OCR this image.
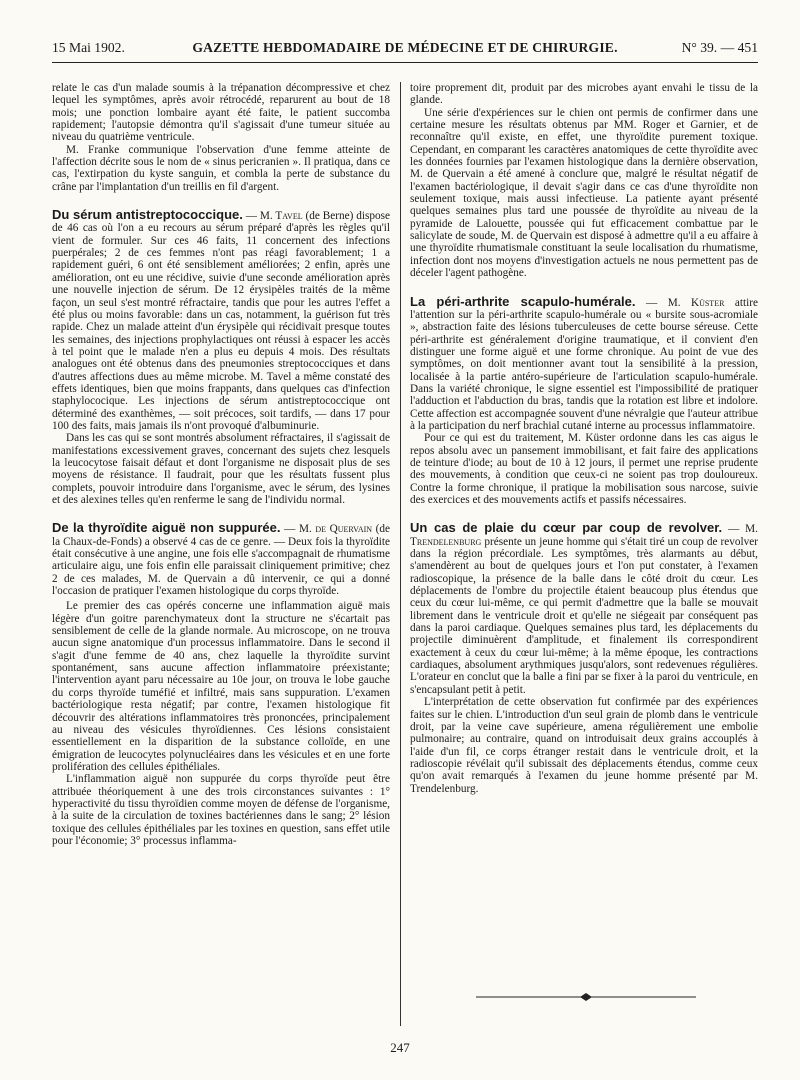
15 Mai 1902.	GAZETTE HEBDOMADAIRE DE MÉDECINE ET DE CHIRURGIE.	N° 39. — 451

relate le cas d'un malade soumis à la trépanation décompressive et chez lequel les symptômes, après avoir rétrocédé, reparurent au bout de 18 mois; une ponction lombaire ayant été faite, le patient succomba rapidement; l'autopsie démontra qu'il s'agissait d'une tumeur située au niveau du quatrième ventricule.

M. Franke communique l'observation d'une femme atteinte de l'affection décrite sous le nom de « sinus pericranien ». Il pratiqua, dans ce cas, l'extirpation du kyste sanguin, et combla la perte de substance du crâne par l'implantation d'un treillis en fil d'argent.

Du sérum antistreptococcique. — M. Tavel (de Berne) dispose de 46 cas où l'on a eu recours au sérum préparé d'après les règles qu'il vient de formuler. Sur ces 46 faits, 11 concernent des infections puerpérales; 2 de ces femmes n'ont pas réagi favorablement; 1 a rapidement guéri, 6 ont été sensiblement améliorées; 2 enfin, après une amélioration, ont eu une récidive, suivie d'une seconde amélioration après une nouvelle injection de sérum. De 12 érysipèles traités de la même façon, un seul s'est montré réfractaire, tandis que pour les autres l'effet a été plus ou moins favorable: dans un cas, notamment, la guérison fut très rapide. Chez un malade atteint d'un érysipèle qui récidivait presque toutes les semaines, des injections prophylactiques ont réussi à espacer les accès à tel point que le malade n'en a plus eu depuis 4 mois. Des résultats analogues ont été obtenus dans des pneumonies streptococciques et dans d'autres affections dues au même microbe. M. Tavel a même constaté des effets identiques, bien que moins frappants, dans quelques cas d'infection staphylococique. Les injections de sérum antistreptococcique ont déterminé des exanthèmes, — soit précoces, soit tardifs, — dans 17 pour 100 des faits, mais jamais ils n'ont provoqué d'albuminurie.

Dans les cas qui se sont montrés absolument réfractaires, il s'agissait de manifestations excessivement graves, concernant des sujets chez lesquels la leucocytose faisait défaut et dont l'organisme ne disposait plus de ses moyens de résistance. Il faudrait, pour que les résultats fussent plus complets, pouvoir introduire dans l'organisme, avec le sérum, des lysines et des alexines telles qu'en renferme le sang de l'individu normal.

De la thyroïdite aiguë non suppurée. — M. de Quervain (de la Chaux-de-Fonds) a observé 4 cas de ce genre. — Deux fois la thyroïdite était consécutive à une angine, une fois elle s'accompagnait de rhumatisme articulaire aigu, une fois enfin elle paraissait cliniquement primitive; chez 2 de ces malades, M. de Quervain a dû intervenir, ce qui a donné l'occasion de pratiquer l'examen histologique du corps thyroïde.

Le premier des cas opérés concerne une inflammation aiguë mais légère d'un goitre parenchymateux dont la structure ne s'écartait pas sensiblement de celle de la glande normale. Au microscope, on ne trouva aucun signe anatomique d'un processus inflammatoire. Dans le second il s'agit d'une femme de 40 ans, chez laquelle la thyroïdite survint spontanément, sans aucune affection inflammatoire préexistante; l'intervention ayant paru nécessaire au 10e jour, on trouva le lobe gauche du corps thyroïde tuméfié et infiltré, mais sans suppuration. L'examen bactériologique resta négatif; par contre, l'examen histologique fit découvrir des altérations inflammatoires très prononcées, principalement au niveau des vésicules thyroïdiennes. Ces lésions consistaient essentiellement en la disparition de la substance colloïde, en une émigration de leucocytes polynucléaires dans les vésicules et en une forte prolifération des cellules épithéliales.

L'inflammation aiguë non suppurée du corps thyroïde peut être attribuée théoriquement à une des trois circonstances suivantes : 1° hyperactivité du tissu thyroïdien comme moyen de défense de l'organisme, à la suite de la circulation de toxines bactériennes dans le sang; 2° lésion toxique des cellules épithéliales par les toxines en question, sans effet utile pour l'économie; 3° processus inflamma-

toire proprement dit, produit par des microbes ayant envahi le tissu de la glande.

Une série d'expériences sur le chien ont permis de confirmer dans une certaine mesure les résultats obtenus par MM. Roger et Garnier, et de reconnaître qu'il existe, en effet, une thyroïdite purement toxique. Cependant, en comparant les caractères anatomiques de cette thyroïdite avec les données fournies par l'examen histologique dans la dernière observation, M. de Quervain a été amené à conclure que, malgré le résultat négatif de l'examen bactériologique, il devait s'agir dans ce cas d'une thyroïdite non seulement toxique, mais aussi infectieuse. La patiente ayant présenté quelques semaines plus tard une poussée de thyroïdite au niveau de la pyramide de Lalouette, poussée qui fut efficacement combattue par le salicylate de soude, M. de Quervain est disposé à admettre qu'il a eu affaire à une thyroïdite rhumatismale constituant la seule localisation du rhumatisme, infection dont nos moyens d'investigation actuels ne nous permettent pas de déceler l'agent pathogène.

La péri-arthrite scapulo-humérale. — M. Küster attire l'attention sur la péri-arthrite scapulo-humérale ou « bursite sous-acromiale », abstraction faite des lésions tuberculeuses de cette bourse séreuse. Cette péri-arthrite est généralement d'origine traumatique, et il convient d'en distinguer une forme aiguë et une forme chronique. Au point de vue des symptômes, on doit mentionner avant tout la sensibilité à la pression, localisée à la partie antéro-supérieure de l'articulation scapulo-humérale. Dans la variété chronique, le signe essentiel est l'impossibilité de pratiquer l'adduction et l'abduction du bras, tandis que la rotation est libre et indolore. Cette affection est accompagnée souvent d'une névralgie que l'auteur attribue à la participation du nerf brachial cutané interne au processus inflammatoire.

Pour ce qui est du traitement, M. Küster ordonne dans les cas aigus le repos absolu avec un pansement immobilisant, et fait faire des applications de teinture d'iode; au bout de 10 à 12 jours, il permet une reprise prudente des mouvements, à condition que ceux-ci ne soient pas trop douloureux. Contre la forme chronique, il pratique la mobilisation sous narcose, suivie des exercices et des mouvements actifs et passifs nécessaires.

Un cas de plaie du cœur par coup de revolver. — M. Trendelenburg présente un jeune homme qui s'était tiré un coup de revolver dans la région précordiale. Les symptômes, très alarmants au début, s'amendèrent au bout de quelques jours et l'on put constater, à l'examen radioscopique, la présence de la balle dans le côté droit du cœur. Les déplacements de l'ombre du projectile étaient beaucoup plus étendus que ceux du cœur lui-même, ce qui permit d'admettre que la balle se mouvait librement dans le ventricule droit et qu'elle ne siégeait par conséquent pas dans la paroi cardiaque. Quelques semaines plus tard, les déplacements du projectile diminuèrent d'amplitude, et finalement ils correspondirent exactement à ceux du cœur lui-même; à la même époque, les contractions cardiaques, absolument arythmiques jusqu'alors, sont redevenues régulières. L'orateur en conclut que la balle a fini par se fixer à la paroi du ventricule, en s'encapsulant petit à petit.

L'interprétation de cette observation fut confirmée par des expériences faites sur le chien. L'introduction d'un seul grain de plomb dans le ventricule droit, par la veine cave supérieure, amena régulièrement une embolie pulmonaire; au contraire, quand on introduisait deux grains accouplés à l'aide d'un fil, ce corps étranger restait dans le ventricule droit, et la radioscopie révélait qu'il subissait des déplacements étendus, comme ceux qu'on avait remarqués à l'examen du jeune homme présenté par M. Trendelenburg.

247
